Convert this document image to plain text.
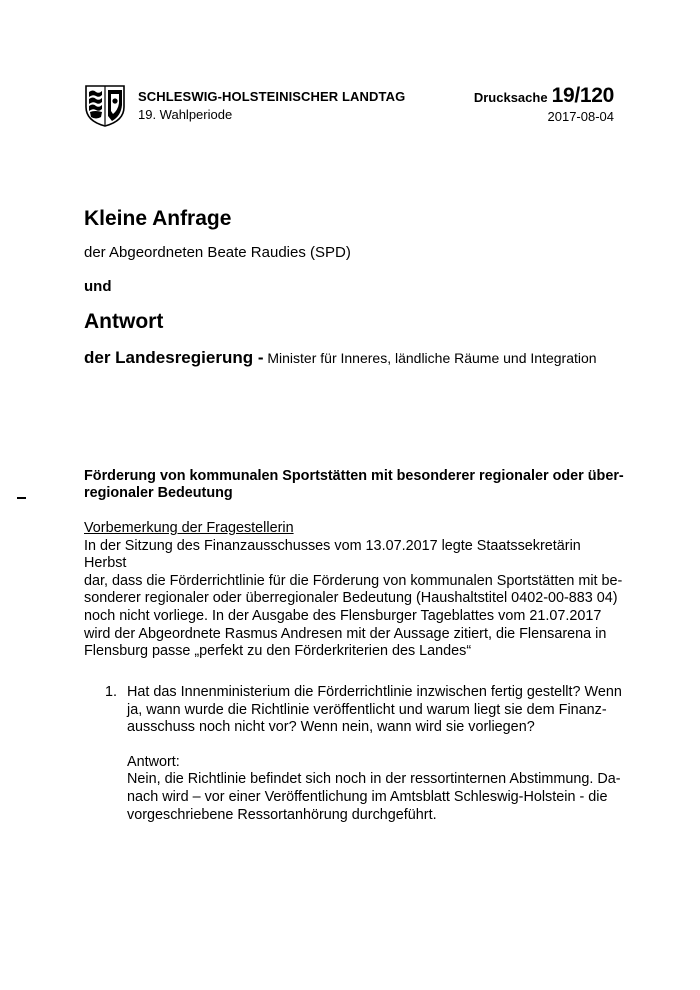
SCHLESWIG-HOLSTEINISCHER LANDTAG
19. Wahlperiode
Drucksache 19/120
2017-08-04

Kleine Anfrage

der Abgeordneten Beate Raudies (SPD)

und

Antwort

der Landesregierung - Minister für Inneres, ländliche Räume und Integration

Förderung von kommunalen Sportstätten mit besonderer regionaler oder über-
regionaler Bedeutung
Vorbemerkung der Fragestellerin
In der Sitzung des Finanzausschusses vom 13.07.2017 legte Staatssekretärin Herbst
dar, dass die Förderrichtlinie für die Förderung von kommunalen Sportstätten mit be-
sonderer regionaler oder überregionaler Bedeutung (Haushaltstitel 0402-00-883 04)
noch nicht vorliege. In der Ausgabe des Flensburger Tageblattes vom 21.07.2017
wird der Abgeordnete Rasmus Andresen mit der Aussage zitiert, die Flensarena in
Flensburg passe „perfekt zu den Förderkriterien des Landes“
1. Hat das Innenministerium die Förderrichtlinie inzwischen fertig gestellt? Wenn
ja, wann wurde die Richtlinie veröffentlicht und warum liegt sie dem Finanz-
ausschuss noch nicht vor? Wenn nein, wann wird sie vorliegen?
Antwort:
Nein, die Richtlinie befindet sich noch in der ressortinternen Abstimmung. Da-
nach wird – vor einer Veröffentlichung im Amtsblatt Schleswig-Holstein - die
vorgeschriebene Ressortanhörung durchgeführt.
